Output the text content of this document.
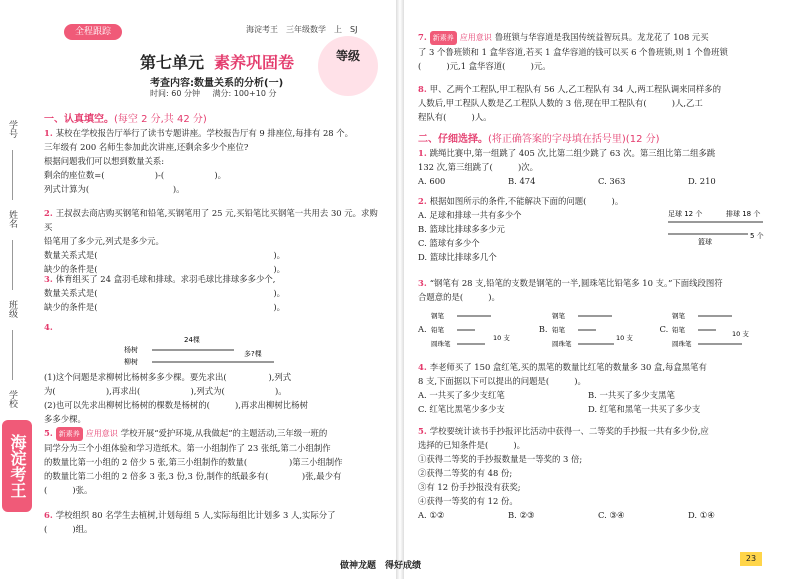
学号
姓名
班级
学校
海淀考王
全程跟踪	海淀考王　三年级数学　上　SJ
第七单元 素养巩固卷	等级
考查内容:数量关系的分析(一)
时间: 60 分钟 满分: 100+10 分
一、认真填空。(每空 2 分,共 42 分)
1. 某校在学校报告厅举行了读书专题讲座。学校报告厅有 9 排座位,每排有 28 个。
三年级有 200 名师生参加此次讲座,还剩余多少个座位?
根据问题我们可以想到数量关系:
剩余的座位数=(　　　　　　)-(　　　　　　)。
列式计算为(　　　　　　　　　　)。
2. 王叔叔去商店购买钢笔和铅笔,买钢笔用了 25 元,买铅笔比买钢笔一共用去 30 元。求购买
铅笔用了多少元,列式是多少元。
数量关系式是(　　　　　　　　　　　　　　　　　　　　　)。
缺少的条件是(　　　　　　　　　　　　　　　　　　　　　)。
3. 体育组买了 24 盒羽毛球和排球。求羽毛球比排球多多少个,
数量关系式是(　　　　　　　　　　　　　　　　　　　　　)。
缺少的条件是(　　　　　　　　　　　　　　　　　　　　　)。
4.
24棵
杨树
柳树
多?棵
(1)这个问题是求柳树比杨树多多少棵。要先求出(　　　　　),列式
为(　　　　　　),再求出(　　　　　　),列式为(　　　　　　)。
(2)也可以先求出柳树比杨树的棵数是杨树的(　　　),再求出柳树比杨树
多多少棵。
5. 新素养 应用意识 学校开展“爱护环境,从我做起”的主题活动,三年级一班的
同学分为三个小组体验和学习造纸术。第一小组制作了 23 张纸,第二小组制作
的数量比第一小组的 2 倍少 5 张,第三小组制作的数量(　　　　　)第三小组制作
的数量比第二小组的 2 倍多 3 张,3 份,3 份,制作的纸最多有(　　　　)张,最少有
(　　　)张。
6. 学校组织 80 名学生去植树,计划每组 5 人,实际每组比计划多 3 人,实际分了
(　　　)组。
7. 新素养 应用意识 鲁班锁与华容道是我国传统益智玩具。龙龙花了 108 元买
了 3 个鲁班锁和 1 盒华容道,若买 1 盒华容道的钱可以买 6 个鲁班锁,则 1 个鲁班锁
(　　　)元,1 盒华容道(　　　)元。
8. 甲、乙两个工程队,甲工程队有 56 人,乙工程队有 34 人,两工程队调来同样多的
人数后,甲工程队人数是乙工程队人数的 3 倍,现在甲工程队有(　　　)人,乙工
程队有(　　　)人。
二、仔细选择。(将正确答案的字母填在括号里)(12 分)
1. 跳绳比赛中,第一组跳了 405 次,比第二组少跳了 63 次。第三组比第二组多跳
132 次,第三组跳了(　　　)次。

A. 600	B. 474	C. 363	D. 210
2. 根据如图所示的条件,不能解决下面的问题(　　　)。
A. 足球和排球一共有多少个
B. 篮球比排球多多少元
C. 篮球有多少个
D. 篮球比排球多几个
足球 12 个	排球 18 个
篮球
5 个
3. “钢笔有 28 支,铅笔的支数是钢笔的一半,圆珠笔比铅笔多 10 支。”下面线段图符
合题意的是(　　　)。
A.
钢笔
铅笔
圆珠笔
10 支
B.
钢笔
铅笔
圆珠笔
10 支
C.
钢笔
铅笔
圆珠笔
10 支
4. 李老师买了 150 盒红笔,买的黑笔的数量比红笔的数量多 30 盒,每盒黑笔有
8 支,下面据以下可以提出的问题是(　　　)。
A. 一共买了多少支红笔	B. 一共买了多少支黑笔
C. 红笔比黑笔少多少支	D. 红笔和黑笔一共买了多少支
5. 学校要统计读书手抄报评比活动中获得一、二等奖的手抄报一共有多少份,应
选择的已知条件是(　　　)。
①获得二等奖的手抄报数量是一等奖的 3 倍;
②获得二等奖的有 48 份;
③有 12 份手抄报没有获奖;
④获得一等奖的有 12 份。
A. ①②	B. ②③	C. ③④	D. ①④
做神龙题　得好成绩
23
